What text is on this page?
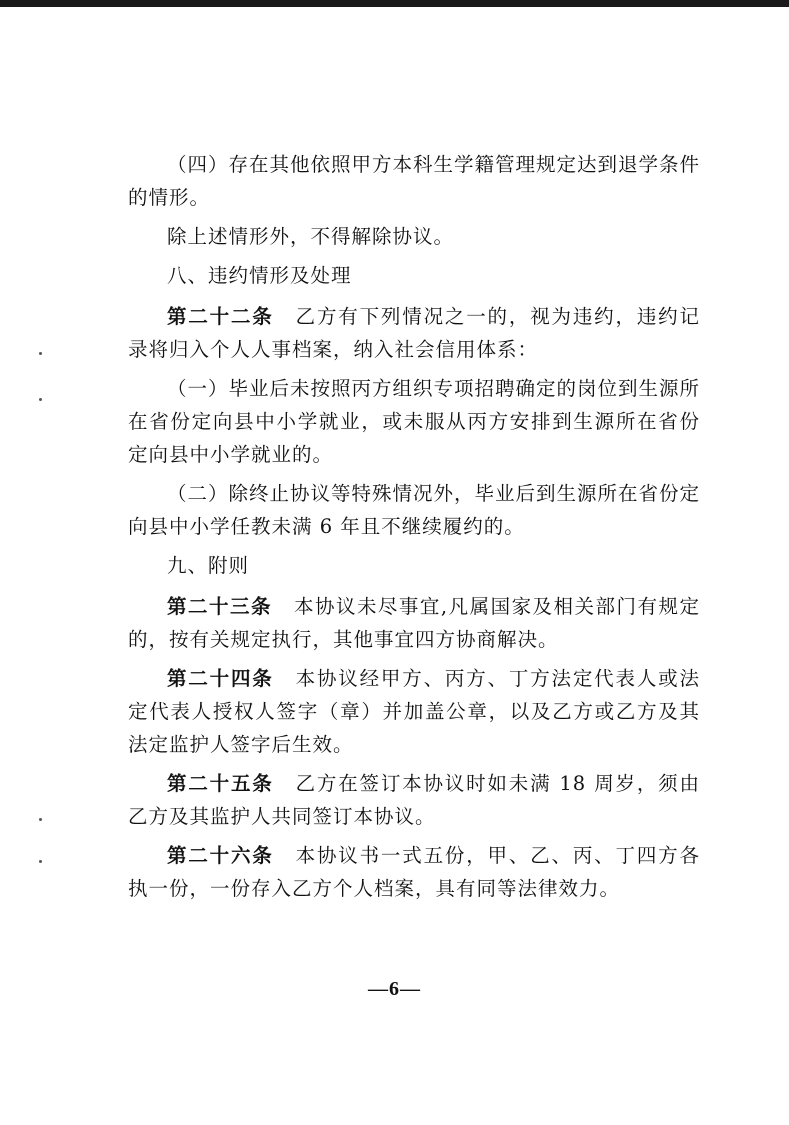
（四）存在其他依照甲方本科生学籍管理规定达到退学条件的情形。

除上述情形外，不得解除协议。

八、违约情形及处理

第二十二条 乙方有下列情况之一的，视为违约，违约记录将归入个人人事档案，纳入社会信用体系：

（一）毕业后未按照丙方组织专项招聘确定的岗位到生源所在省份定向县中小学就业，或未服从丙方安排到生源所在省份定向县中小学就业的。

（二）除终止协议等特殊情况外，毕业后到生源所在省份定向县中小学任教未满 6 年且不继续履约的。

九、附则

第二十三条 本协议未尽事宜,凡属国家及相关部门有规定的，按有关规定执行，其他事宜四方协商解决。

第二十四条 本协议经甲方、丙方、丁方法定代表人或法定代表人授权人签字（章）并加盖公章，以及乙方或乙方及其法定监护人签字后生效。

第二十五条 乙方在签订本协议时如未满 18 周岁，须由乙方及其监护人共同签订本协议。

第二十六条 本协议书一式五份，甲、乙、丙、丁四方各执一份，一份存入乙方个人档案，具有同等法律效力。

—6—
